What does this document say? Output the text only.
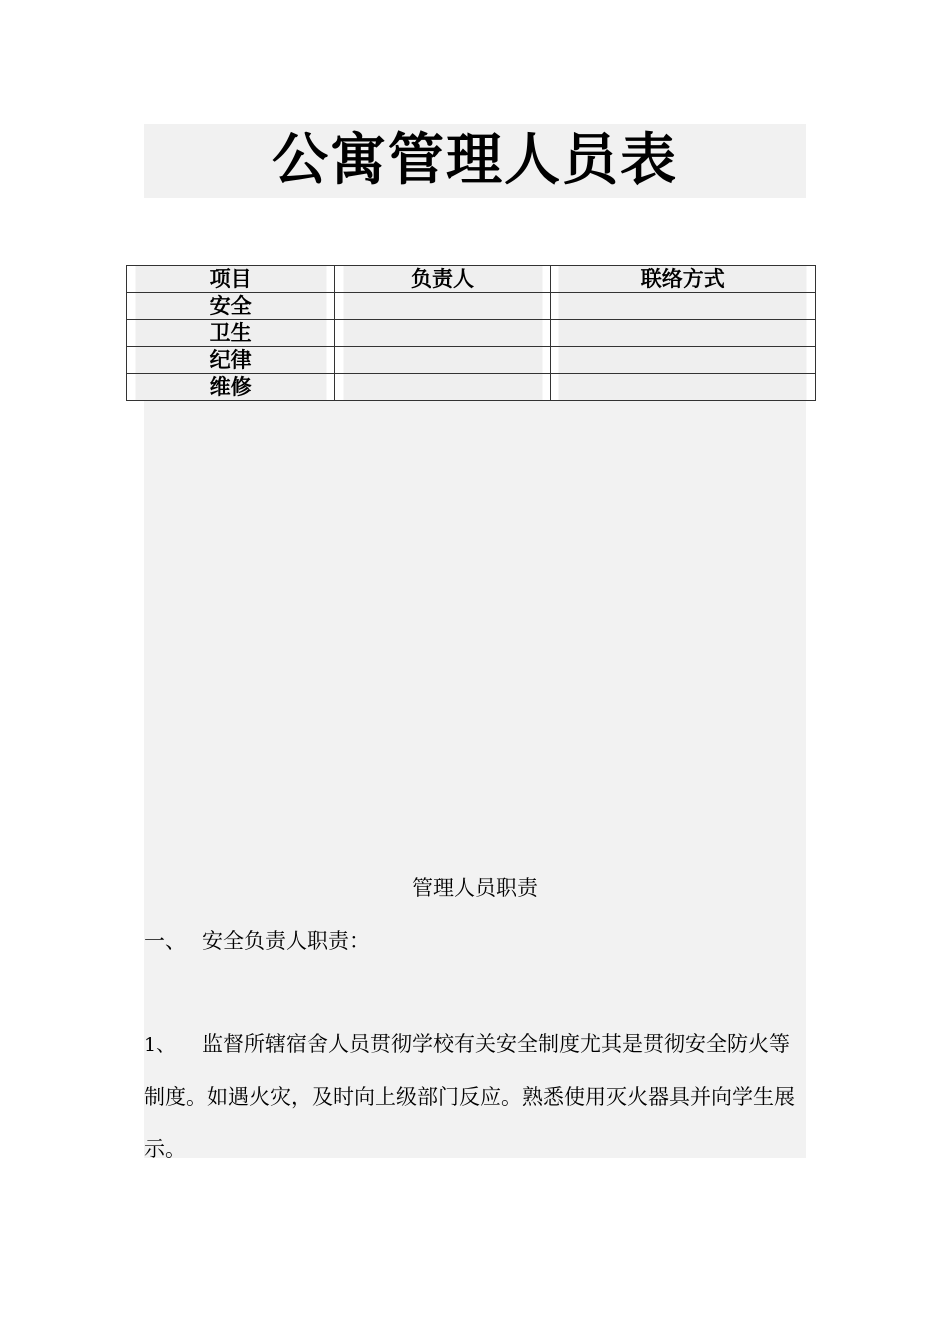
公寓管理人员表
项目	负责人	联络方式
安全		
卫生		
纪律		
维修		
管理人员职责
一、 安全负责人职责：
1、 监督所辖宿舍人员贯彻学校有关安全制度尤其是贯彻安全防火等制度。如遇火灾，及时向上级部门反应。熟悉使用灭火器具并向学生展示。
